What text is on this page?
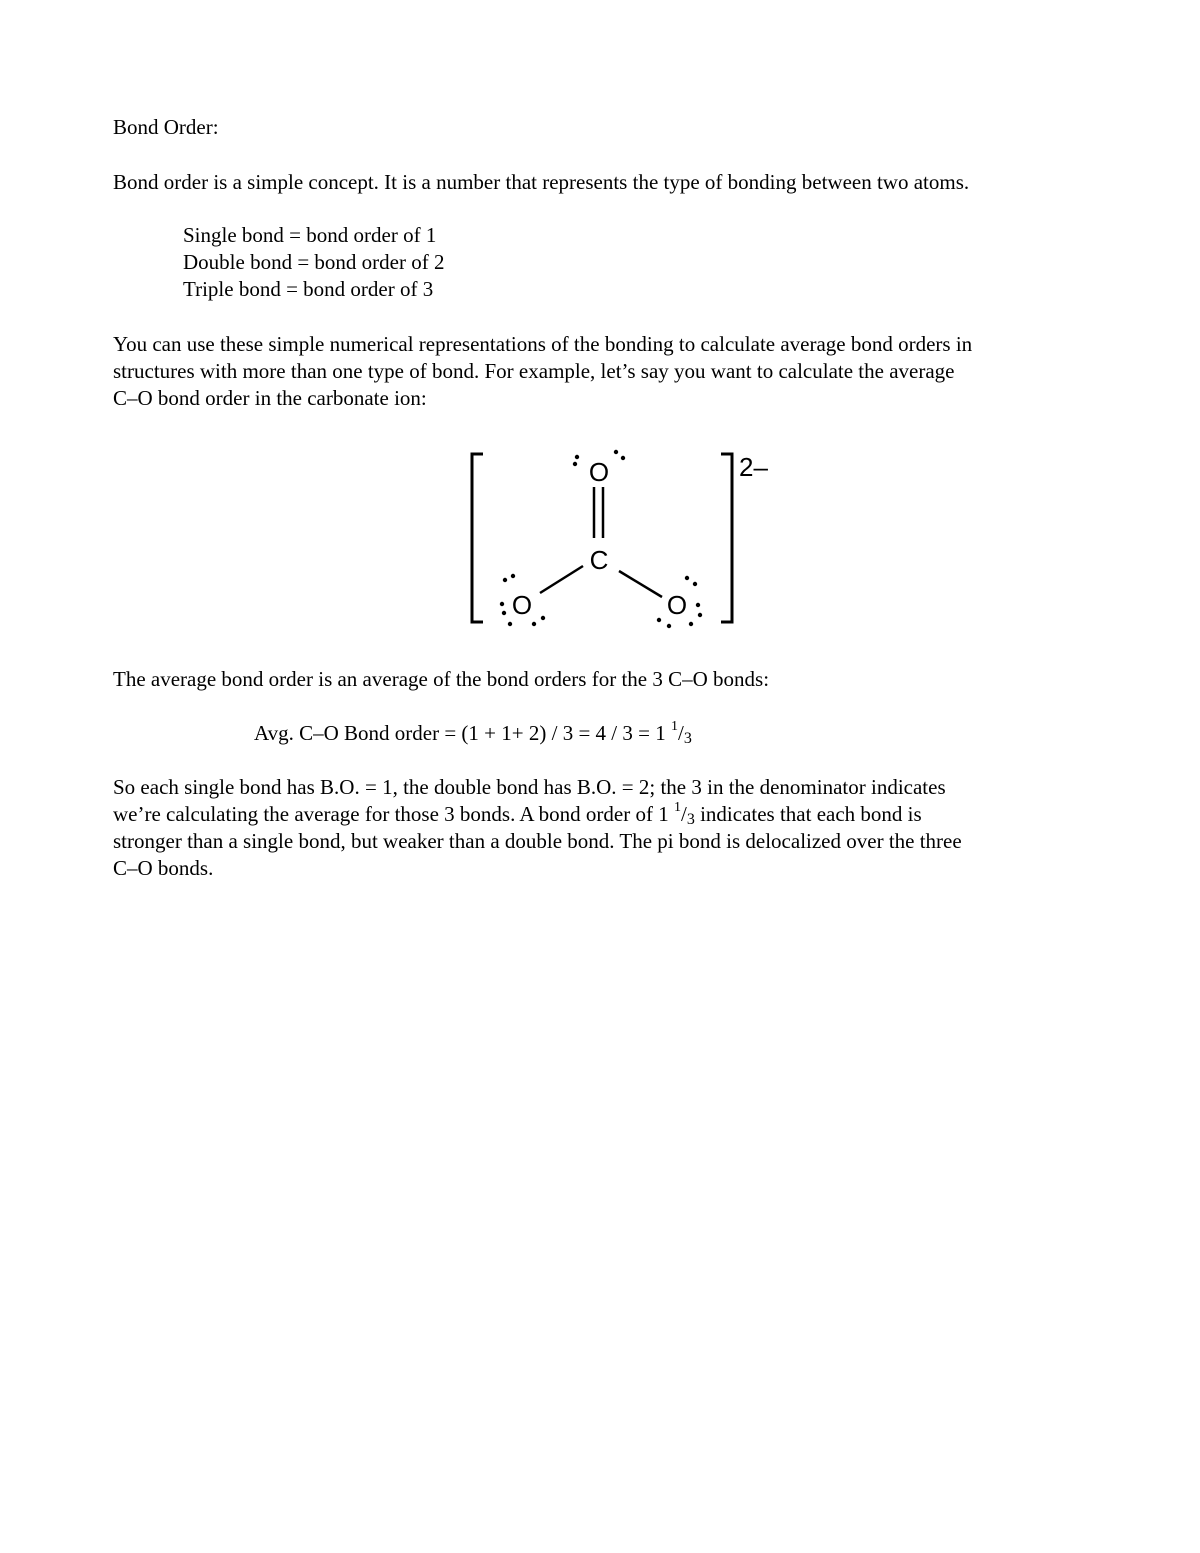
Bond Order:
Bond order is a simple concept. It is a number that represents the type of bonding between two atoms.
Single bond = bond order of 1
Double bond = bond order of 2
Triple bond = bond order of 3
You can use these simple numerical representations of the bonding to calculate average bond orders in
structures with more than one type of bond. For example, let’s say you want to calculate the average
C–O bond order in the carbonate ion:
2–
O
C
O	O
The average bond order is an average of the bond orders for the 3 C–O bonds:
Avg. C–O Bond order = (1 + 1+ 2) / 3 = 4 / 3 = 1 $^1/_3$
So each single bond has B.O. = 1, the double bond has B.O. = 2; the 3 in the denominator indicates
we’re calculating the average for those 3 bonds. A bond order of 1 $^1/_3$ indicates that each bond is
stronger than a single bond, but weaker than a double bond. The pi bond is delocalized over the three
C–O bonds.
